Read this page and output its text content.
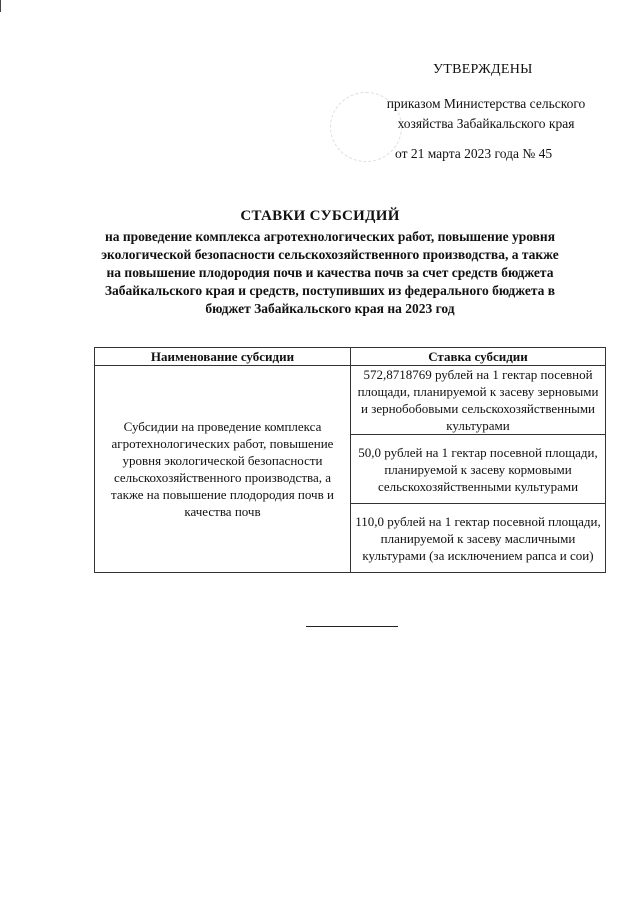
УТВЕРЖДЕНЫ
приказом Министерства сельского хозяйства Забайкальского края
от 21 марта 2023 года № 45
СТАВКИ СУБСИДИЙ
на проведение комплекса агротехнологических работ, повышение уровня экологической безопасности сельскохозяйственного производства, а также на повышение плодородия почв и качества почв за счет средств бюджета Забайкальского края и средств, поступивших из федерального бюджета в бюджет Забайкальского края на 2023 год
Наименование субсидии	Ставка субсидии
Субсидии на проведение комплекса агротехнологических работ, повышение уровня экологической безопасности сельскохозяйственного производства, а также на повышение плодородия почв и качества почв	572,8718769 рублей на 1 гектар посевной площади, планируемой к засеву зерновыми и зернобобовыми сельскохозяйственными культурами
	50,0 рублей на 1 гектар посевной площади, планируемой к засеву кормовыми сельскохозяйственными культурами
	110,0 рублей на 1 гектар посевной площади, планируемой к засеву масличными культурами (за исключением рапса и сои)
